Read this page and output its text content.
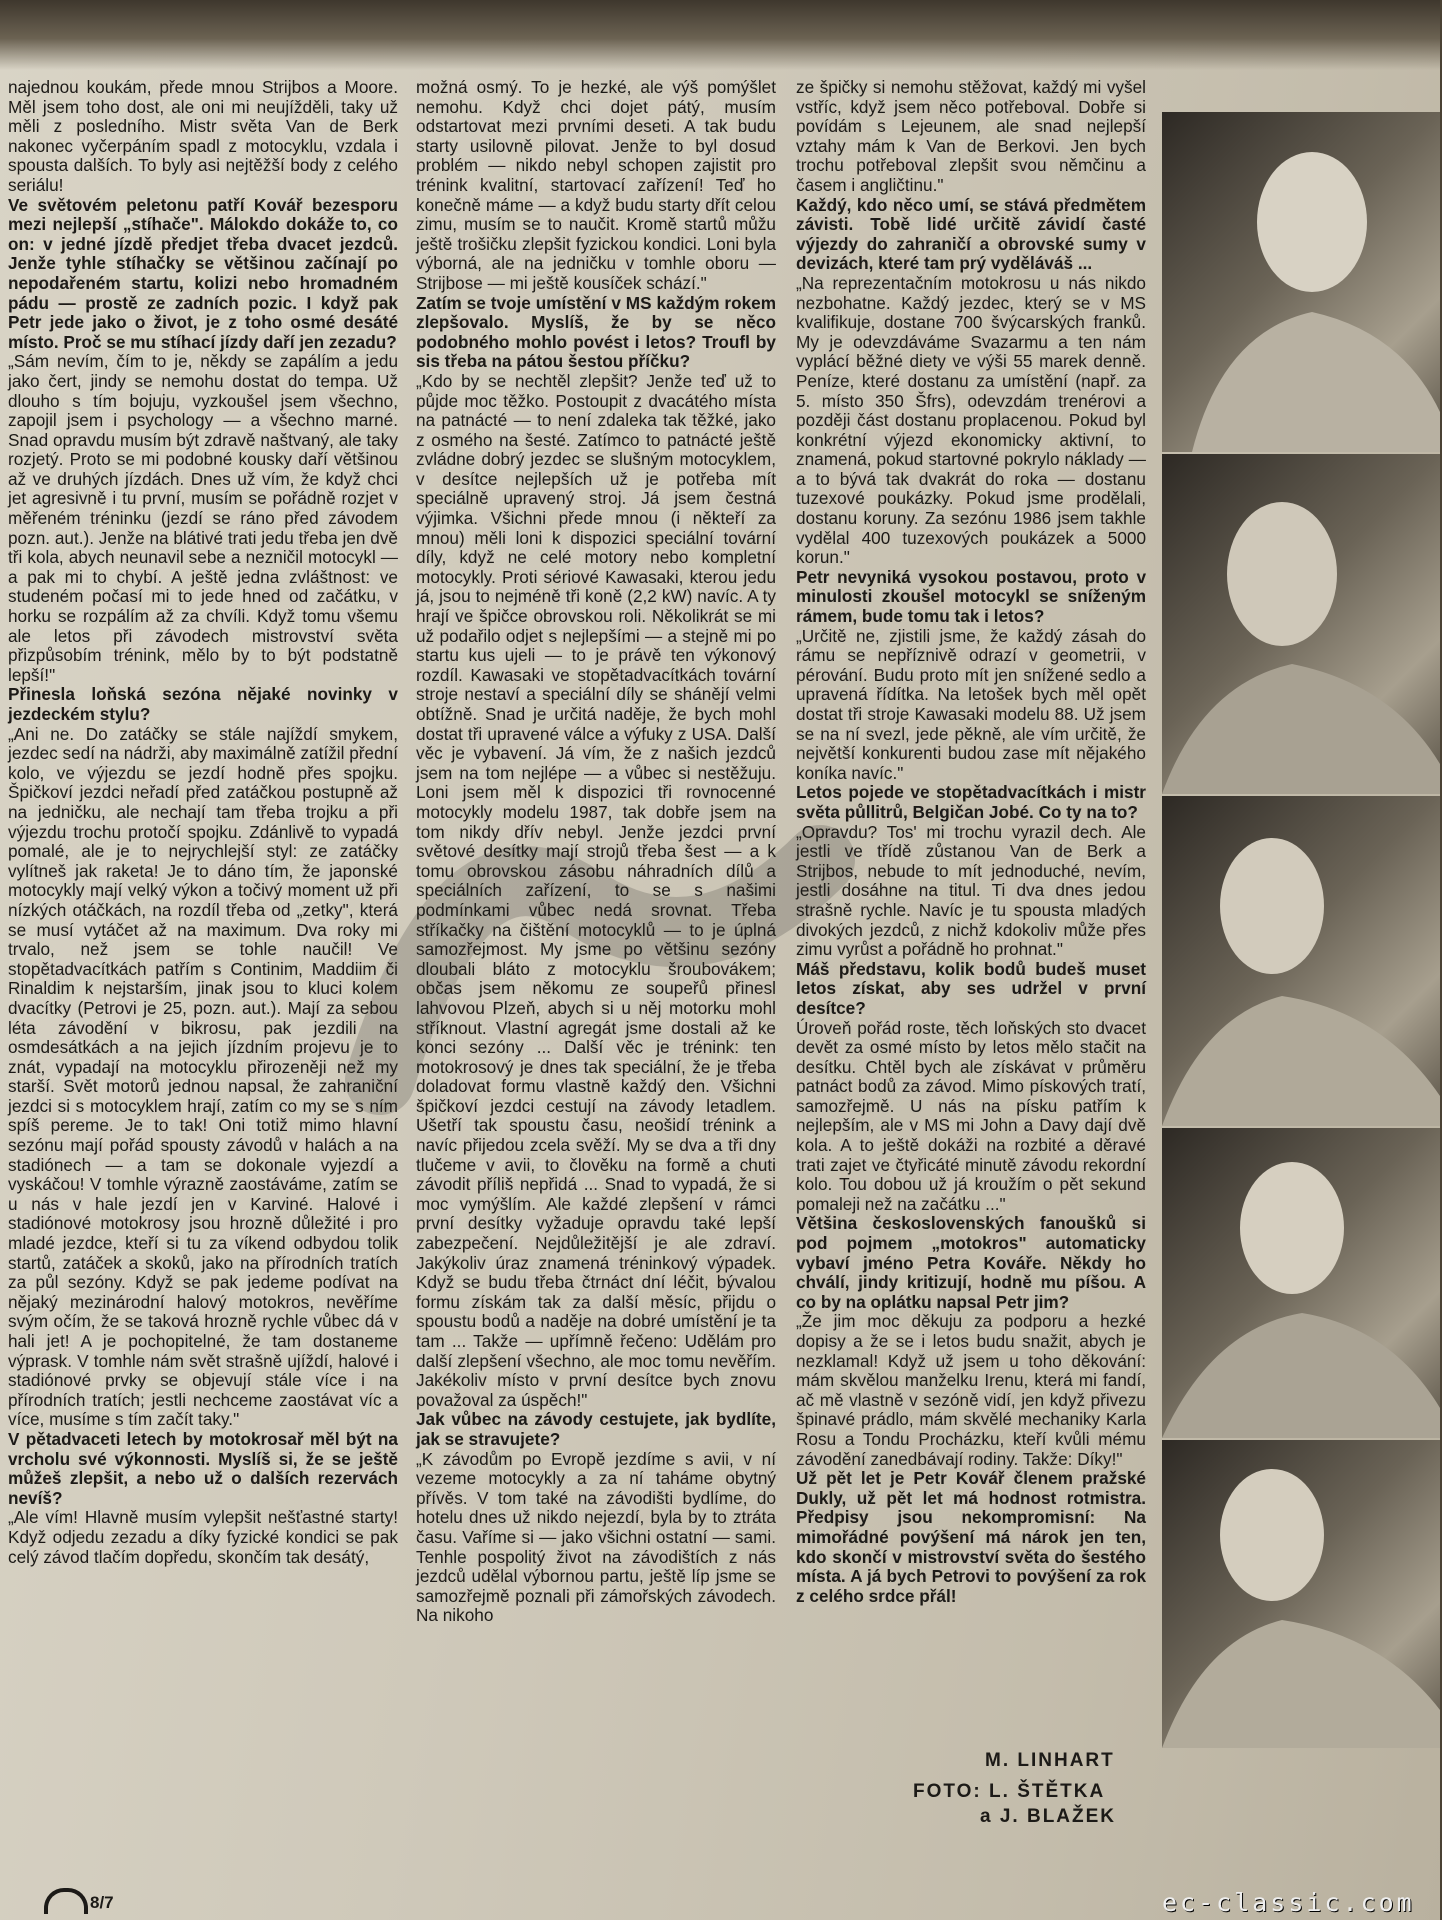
najednou koukám, přede mnou Strijbos a Moore. Měl jsem toho dost, ale oni mi neujížděli, taky už měli z posledního. Mistr světa Van de Berk nakonec vyčerpáním spadl z motocyklu, vzdala i spousta dalších. To byly asi nejtěžší body z celého seriálu!

Ve světovém peletonu patří Kovář bezesporu mezi nejlepší „stíhače". Málokdo dokáže to, co on: v jedné jízdě předjet třeba dvacet jezdců. Jenže tyhle stíhačky se většinou začínají po nepodařeném startu, kolizi nebo hromadném pádu — prostě ze zadních pozic. I když pak Petr jede jako o život, je z toho osmé desáté místo. Proč se mu stíhací jízdy daří jen zezadu?

„Sám nevím, čím to je, někdy se zapálím a jedu jako čert, jindy se nemohu dostat do tempa. Už dlouho s tím bojuju, vyzkoušel jsem všechno, zapojil jsem i psychology — a všechno marné. Snad opravdu musím být zdravě naštvaný, ale taky rozjetý. Proto se mi podobné kousky daří většinou až ve druhých jízdách. Dnes už vím, že když chci jet agresivně i tu první, musím se pořádně rozjet v měřeném tréninku (jezdí se ráno před závodem pozn. aut.). Jenže na blátivé trati jedu třeba jen dvě tři kola, abych neunavil sebe a nezničil motocykl — a pak mi to chybí. A ještě jedna zvláštnost: ve studeném počasí mi to jede hned od začátku, v horku se rozpálím až za chvíli. Když tomu všemu ale letos při závodech mistrovství světa přizpůsobím trénink, mělo by to být podstatně lepší!"

Přinesla loňská sezóna nějaké novinky v jezdeckém stylu?

„Ani ne. Do zatáčky se stále najíždí smykem, jezdec sedí na nádrži, aby maximálně zatížil přední kolo, ve výjezdu se jezdí hodně přes spojku. Špičkoví jezdci neřadí před zatáčkou postupně až na jedničku, ale nechají tam třeba trojku a při výjezdu trochu protočí spojku. Zdánlivě to vypadá pomalé, ale je to nejrychlejší styl: ze zatáčky vylítneš jak raketa! Je to dáno tím, že japonské motocykly mají velký výkon a točivý moment už při nízkých otáčkách, na rozdíl třeba od „zetky", která se musí vytáčet až na maximum. Dva roky mi trvalo, než jsem se tohle naučil! Ve stopětadvacítkách patřím s Continim, Maddiim či Rinaldim k nejstarším, jinak jsou to kluci kolem dvacítky (Petrovi je 25, pozn. aut.). Mají za sebou léta závodění v bikrosu, pak jezdili na osmdesátkách a na jejich jízdním projevu je to znát, vypadají na motocyklu přirozeněji než my starší. Svět motorů jednou napsal, že zahraniční jezdci si s motocyklem hrají, zatím co my se s ním spíš pereme. Je to tak! Oni totiž mimo hlavní sezónu mají pořád spousty závodů v halách a na stadiónech — a tam se dokonale vyjezdí a vyskáčou! V tomhle výrazně zaostáváme, zatím se u nás v hale jezdí jen v Karviné. Halové i stadiónové motokrosy jsou hrozně důležité i pro mladé jezdce, kteří si tu za víkend odbydou tolik startů, zatáček a skoků, jako na přírodních tratích za půl sezóny. Když se pak jedeme podívat na nějaký mezinárodní halový motokros, nevěříme svým očím, že se taková hrozně rychle vůbec dá v hali jet! A je pochopitelné, že tam dostaneme výprask. V tomhle nám svět strašně ujíždí, halové i stadiónové prvky se objevují stále více i na přírodních tratích; jestli nechceme zaostávat víc a více, musíme s tím začít taky."

V pětadvaceti letech by motokrosař měl být na vrcholu své výkonnosti. Myslíš si, že se ještě můžeš zlepšit, a nebo už o dalších rezervách nevíš?

„Ale vím! Hlavně musím vylepšit nešťastné starty! Když odjedu zezadu a díky fyzické kondici se pak celý závod tlačím dopředu, skončím tak desátý,

možná osmý. To je hezké, ale výš pomýšlet nemohu. Když chci dojet pátý, musím odstartovat mezi prvními deseti. A tak budu starty usilovně pilovat. Jenže to byl dosud problém — nikdo nebyl schopen zajistit pro trénink kvalitní, startovací zařízení! Teď ho konečně máme — a když budu starty dřít celou zimu, musím se to naučit. Kromě startů můžu ještě trošičku zlepšit fyzickou kondici. Loni byla výborná, ale na jedničku v tomhle oboru — Strijbose — mi ještě kousíček schází."

Zatím se tvoje umístění v MS každým rokem zlepšovalo. Myslíš, že by se něco podobného mohlo povést i letos? Troufl by sis třeba na pátou šestou příčku?

„Kdo by se nechtěl zlepšit? Jenže teď už to půjde moc těžko. Postoupit z dvacátého místa na patnácté — to není zdaleka tak těžké, jako z osmého na šesté. Zatímco to patnácté ještě zvládne dobrý jezdec se slušným motocyklem, v desítce nejlepších už je potřeba mít speciálně upravený stroj. Já jsem čestná výjimka. Všichni přede mnou (i někteří za mnou) měli loni k dispozici speciální tovární díly, když ne celé motory nebo kompletní motocykly. Proti sériové Kawasaki, kterou jedu já, jsou to nejméně tři koně (2,2 kW) navíc. A ty hrají ve špičce obrovskou roli. Několikrát se mi už podařilo odjet s nejlepšími — a stejně mi po startu kus ujeli — to je právě ten výkonový rozdíl. Kawasaki ve stopětadvacítkách tovární stroje nestaví a speciální díly se shánějí velmi obtížně. Snad je určitá naděje, že bych mohl dostat tři upravené válce a výfuky z USA. Další věc je vybavení. Já vím, že z našich jezdců jsem na tom nejlépe — a vůbec si nestěžuju. Loni jsem měl k dispozici tři rovnocenné motocykly modelu 1987, tak dobře jsem na tom nikdy dřív nebyl. Jenže jezdci první světové desítky mají strojů třeba šest — a k tomu obrovskou zásobu náhradních dílů a speciálních zařízení, to se s našimi podmínkami vůbec nedá srovnat. Třeba stříkačky na čištění motocyklů — to je úplná samozřejmost. My jsme po většinu sezóny dloubali bláto z motocyklu šroubovákem; občas jsem někomu ze soupeřů přinesl lahvovou Plzeň, abych si u něj motorku mohl stříknout. Vlastní agregát jsme dostali až ke konci sezóny ... Další věc je trénink: ten motokrosový je dnes tak speciální, že je třeba doladovat formu vlastně každý den. Všichni špičkoví jezdci cestují na závody letadlem. Ušetří tak spoustu času, neošidí trénink a navíc přijedou zcela svěží. My se dva a tři dny tlučeme v avii, to člověku na formě a chuti závodit příliš nepřidá ... Snad to vypadá, že si moc vymýšlím. Ale každé zlepšení v rámci první desítky vyžaduje opravdu také lepší zabezpečení. Nejdůležitější je ale zdraví. Jakýkoliv úraz znamená tréninkový výpadek. Když se budu třeba čtrnáct dní léčit, bývalou formu získám tak za další měsíc, přijdu o spoustu bodů a naděje na dobré umístění je ta tam ... Takže — upřímně řečeno: Udělám pro další zlepšení všechno, ale moc tomu nevěřím. Jakékoliv místo v první desítce bych znovu považoval za úspěch!"

Jak vůbec na závody cestujete, jak bydlíte, jak se stravujete?

„K závodům po Evropě jezdíme s avii, v ní vezeme motocykly a za ní taháme obytný přívěs. V tom také na závodišti bydlíme, do hotelu dnes už nikdo nejezdí, byla by to ztráta času. Vaříme si — jako všichni ostatní — sami. Tenhle pospolitý život na závodištích z nás jezdců udělal výbornou partu, ještě líp jsme se samozřejmě poznali při zámořských závodech. Na nikoho

ze špičky si nemohu stěžovat, každý mi vyšel vstříc, když jsem něco potřeboval. Dobře si povídám s Lejeunem, ale snad nejlepší vztahy mám k Van de Berkovi. Jen bych trochu potřeboval zlepšit svou němčinu a časem i angličtinu."

Každý, kdo něco umí, se stává předmětem závisti. Tobě lidé určitě závidí časté výjezdy do zahraničí a obrovské sumy v devizách, které tam prý vyděláváš ...

„Na reprezentačním motokrosu u nás nikdo nezbohatne. Každý jezdec, který se v MS kvalifikuje, dostane 700 švýcarských franků. My je odevzdáváme Svazarmu a ten nám vyplácí běžné diety ve výši 55 marek denně. Peníze, které dostanu za umístění (např. za 5. místo 350 Šfrs), odevzdám trenérovi a později část dostanu proplacenou. Pokud byl konkrétní výjezd ekonomicky aktivní, to znamená, pokud startovné pokrylo náklady — a to bývá tak dvakrát do roka — dostanu tuzexové poukázky. Pokud jsme prodělali, dostanu koruny. Za sezónu 1986 jsem takhle vydělal 400 tuzexových poukázek a 5000 korun."

Petr nevyniká vysokou postavou, proto v minulosti zkoušel motocykl se sníženým rámem, bude tomu tak i letos?

„Určitě ne, zjistili jsme, že každý zásah do rámu se nepříznivě odrazí v geometrii, v pérování. Budu proto mít jen snížené sedlo a upravená řídítka. Na letošek bych měl opět dostat tři stroje Kawasaki modelu 88. Už jsem se na ní svezl, jede pěkně, ale vím určitě, že největší konkurenti budou zase mít nějakého koníka navíc."

Letos pojede ve stopětadvacítkách i mistr světa půllitrů, Belgičan Jobé. Co ty na to?

„Opravdu? Tos' mi trochu vyrazil dech. Ale jestli ve třídě zůstanou Van de Berk a Strijbos, nebude to mít jednoduché, nevím, jestli dosáhne na titul. Ti dva dnes jedou strašně rychle. Navíc je tu spousta mladých divokých jezdců, z nichž kdokoliv může přes zimu vyrůst a pořádně ho prohnat."

Máš představu, kolik bodů budeš muset letos získat, aby ses udržel v první desítce?

Úroveň pořád roste, těch loňských sto dvacet devět za osmé místo by letos mělo stačit na desítku. Chtěl bych ale získávat v průměru patnáct bodů za závod. Mimo pískových tratí, samozřejmě. U nás na písku patřím k nejlepším, ale v MS mi John a Davy dají dvě kola. A to ještě dokáži na rozbité a děravé trati zajet ve čtyřicáté minutě závodu rekordní kolo. Tou dobou už já kroužím o pět sekund pomaleji než na začátku ..."

Většina československých fanoušků si pod pojmem „motokros" automaticky vybaví jméno Petra Kováře. Někdy ho chválí, jindy kritizují, hodně mu píšou. A co by na oplátku napsal Petr jim?

„Že jim moc děkuju za podporu a hezké dopisy a že se i letos budu snažit, abych je nezklamal! Když už jsem u toho děkování: mám skvělou manželku Irenu, která mi fandí, ač mě vlastně v sezóně vidí, jen když přivezu špinavé prádlo, mám skvělé mechaniky Karla Rosu a Tondu Procházku, kteří kvůli mému závodění zanedbávají rodiny. Takže: Díky!"

Už pět let je Petr Kovář členem pražské Dukly, už pět let má hodnost rotmistra. Předpisy jsou nekompromisní: Na mimořádné povýšení má nárok jen ten, kdo skončí v mistrovství světa do šestého místa. A já bych Petrovi to povýšení za rok z celého srdce přál!

M. LINHART
FOTO: L. ŠTĚTKA
a J. BLAŽEK
8/7	ec-classic.com
